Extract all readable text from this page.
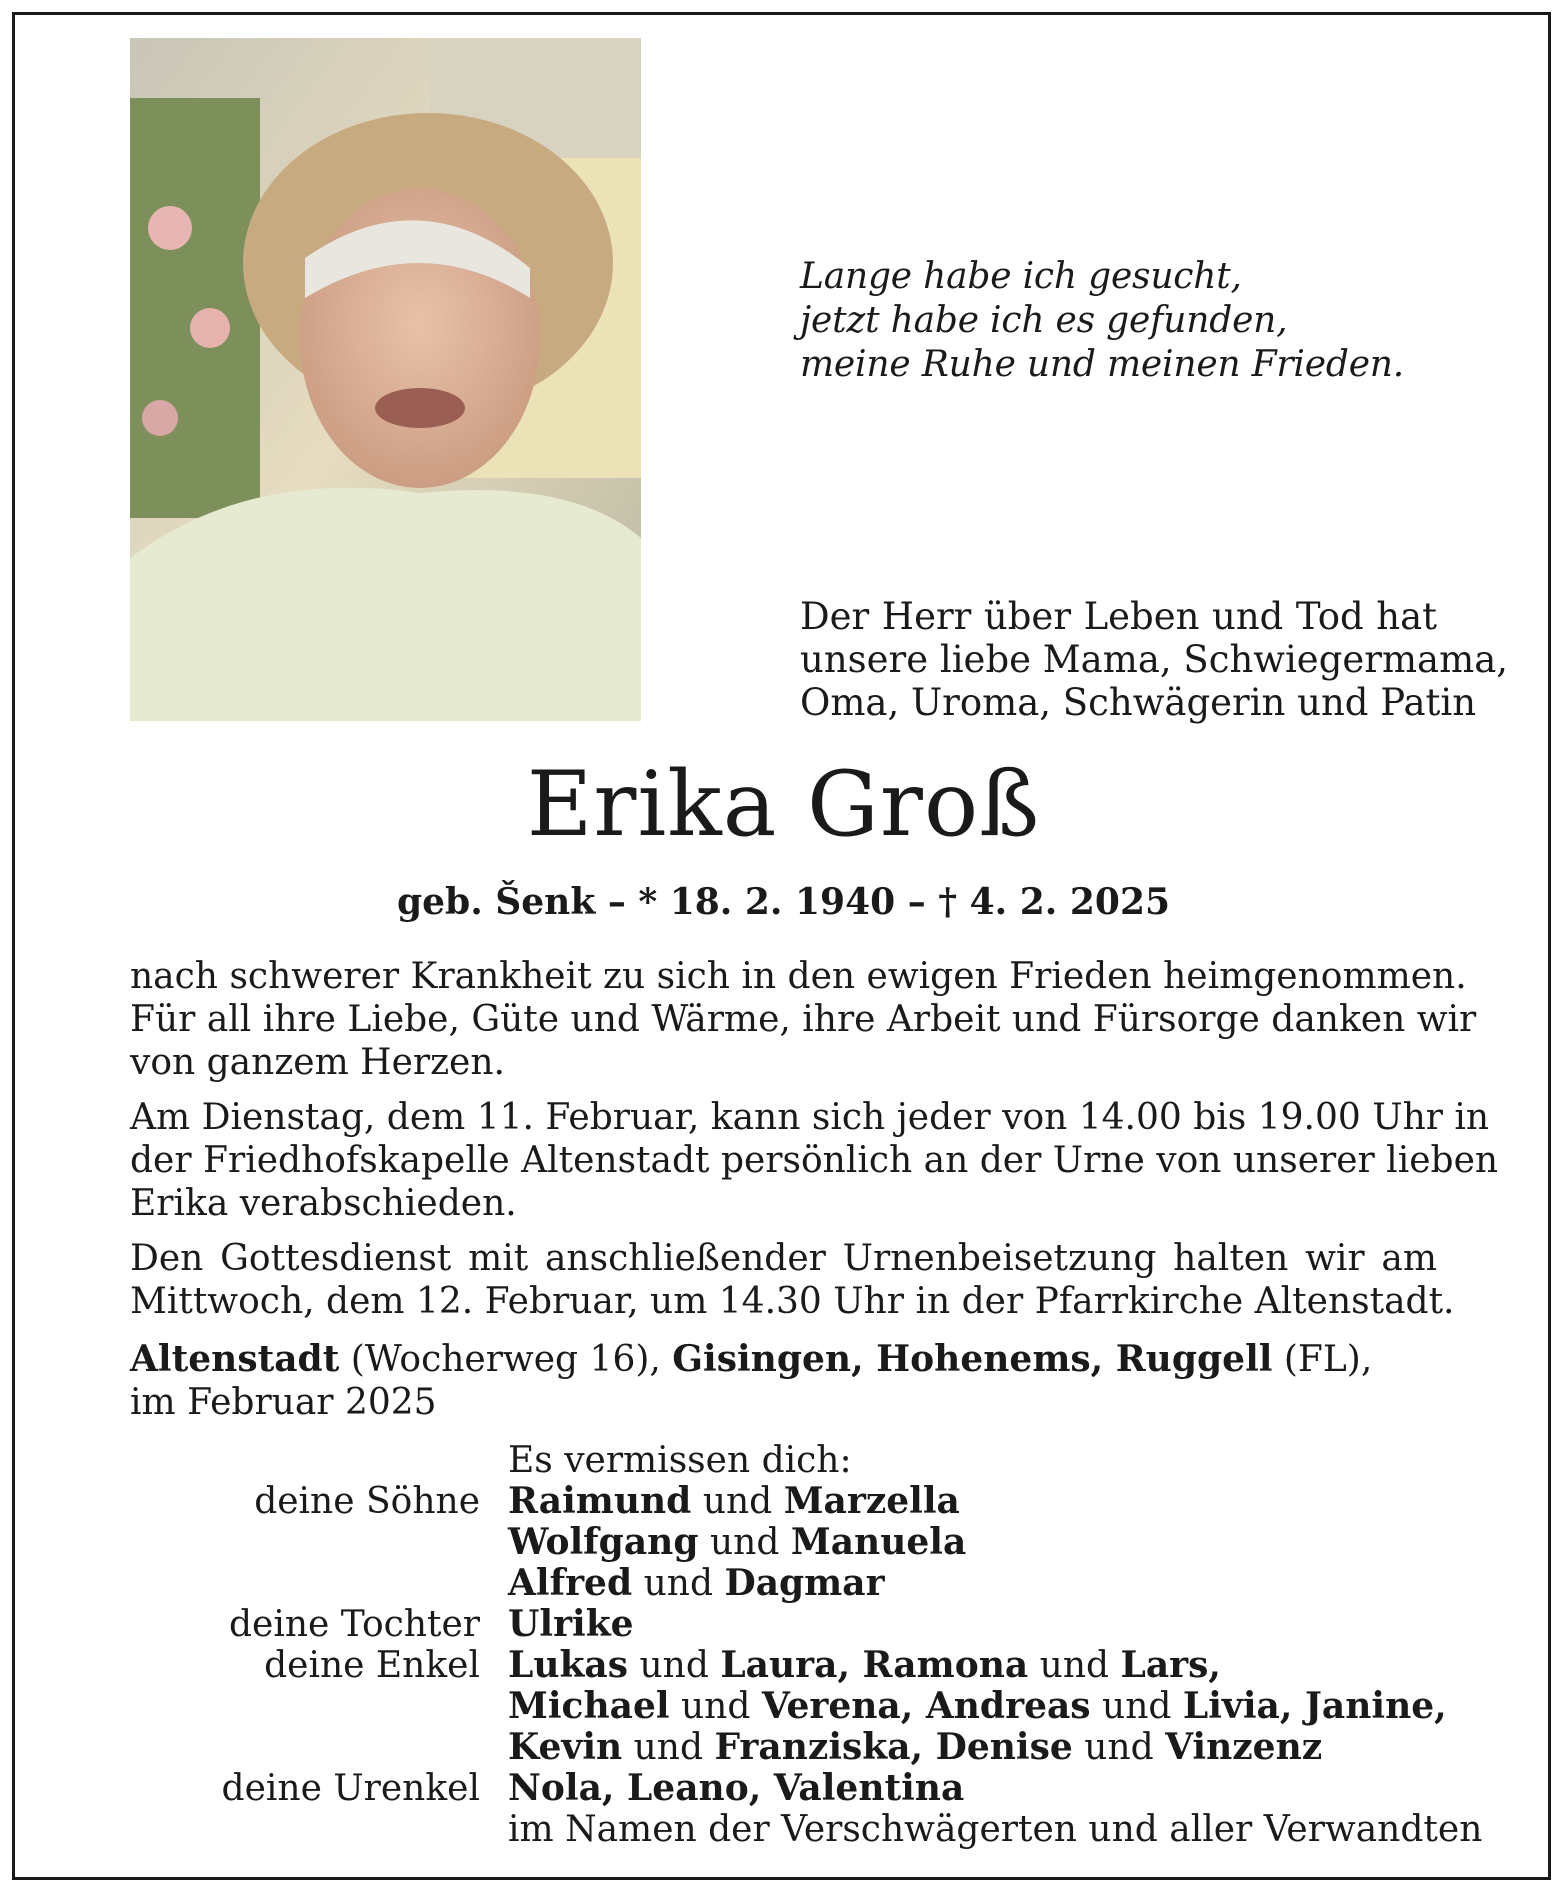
Lange habe ich gesucht,
jetzt habe ich es gefunden,
meine Ruhe und meinen Frieden.
Der Herr über Leben und Tod hat
unsere liebe Mama, Schwiegermama,
Oma, Uroma, Schwägerin und Patin
Erika Groß
geb. Šenk – * 18. 2. 1940 – † 4. 2. 2025

nach schwerer Krankheit zu sich in den ewigen Frieden heimgenommen.
Für all ihre Liebe, Güte und Wärme, ihre Arbeit und Fürsorge danken wir
von ganzem Herzen.

Am Dienstag, dem 11. Februar, kann sich jeder von 14.00 bis 19.00 Uhr in
der Friedhofskapelle Altenstadt persönlich an der Urne von unserer lieben
Erika verabschieden.

Den Gottesdienst mit anschließender Urnenbeisetzung halten wir am
Mittwoch, dem 12. Februar, um 14.30 Uhr in der Pfarrkirche Altenstadt.

Altenstadt (Wocherweg 16), Gisingen, Hohenems, Ruggell (FL),
im Februar 2025
Es vermissen dich:
deine Söhne Raimund und Marzella
Wolfgang und Manuela
Alfred und Dagmar
deine Tochter Ulrike
deine Enkel Lukas und Laura, Ramona und Lars,
Michael und Verena, Andreas und Livia, Janine,
Kevin und Franziska, Denise und Vinzenz
deine Urenkel Nola, Leano, Valentina
im Namen der Verschwägerten und aller Verwandten
